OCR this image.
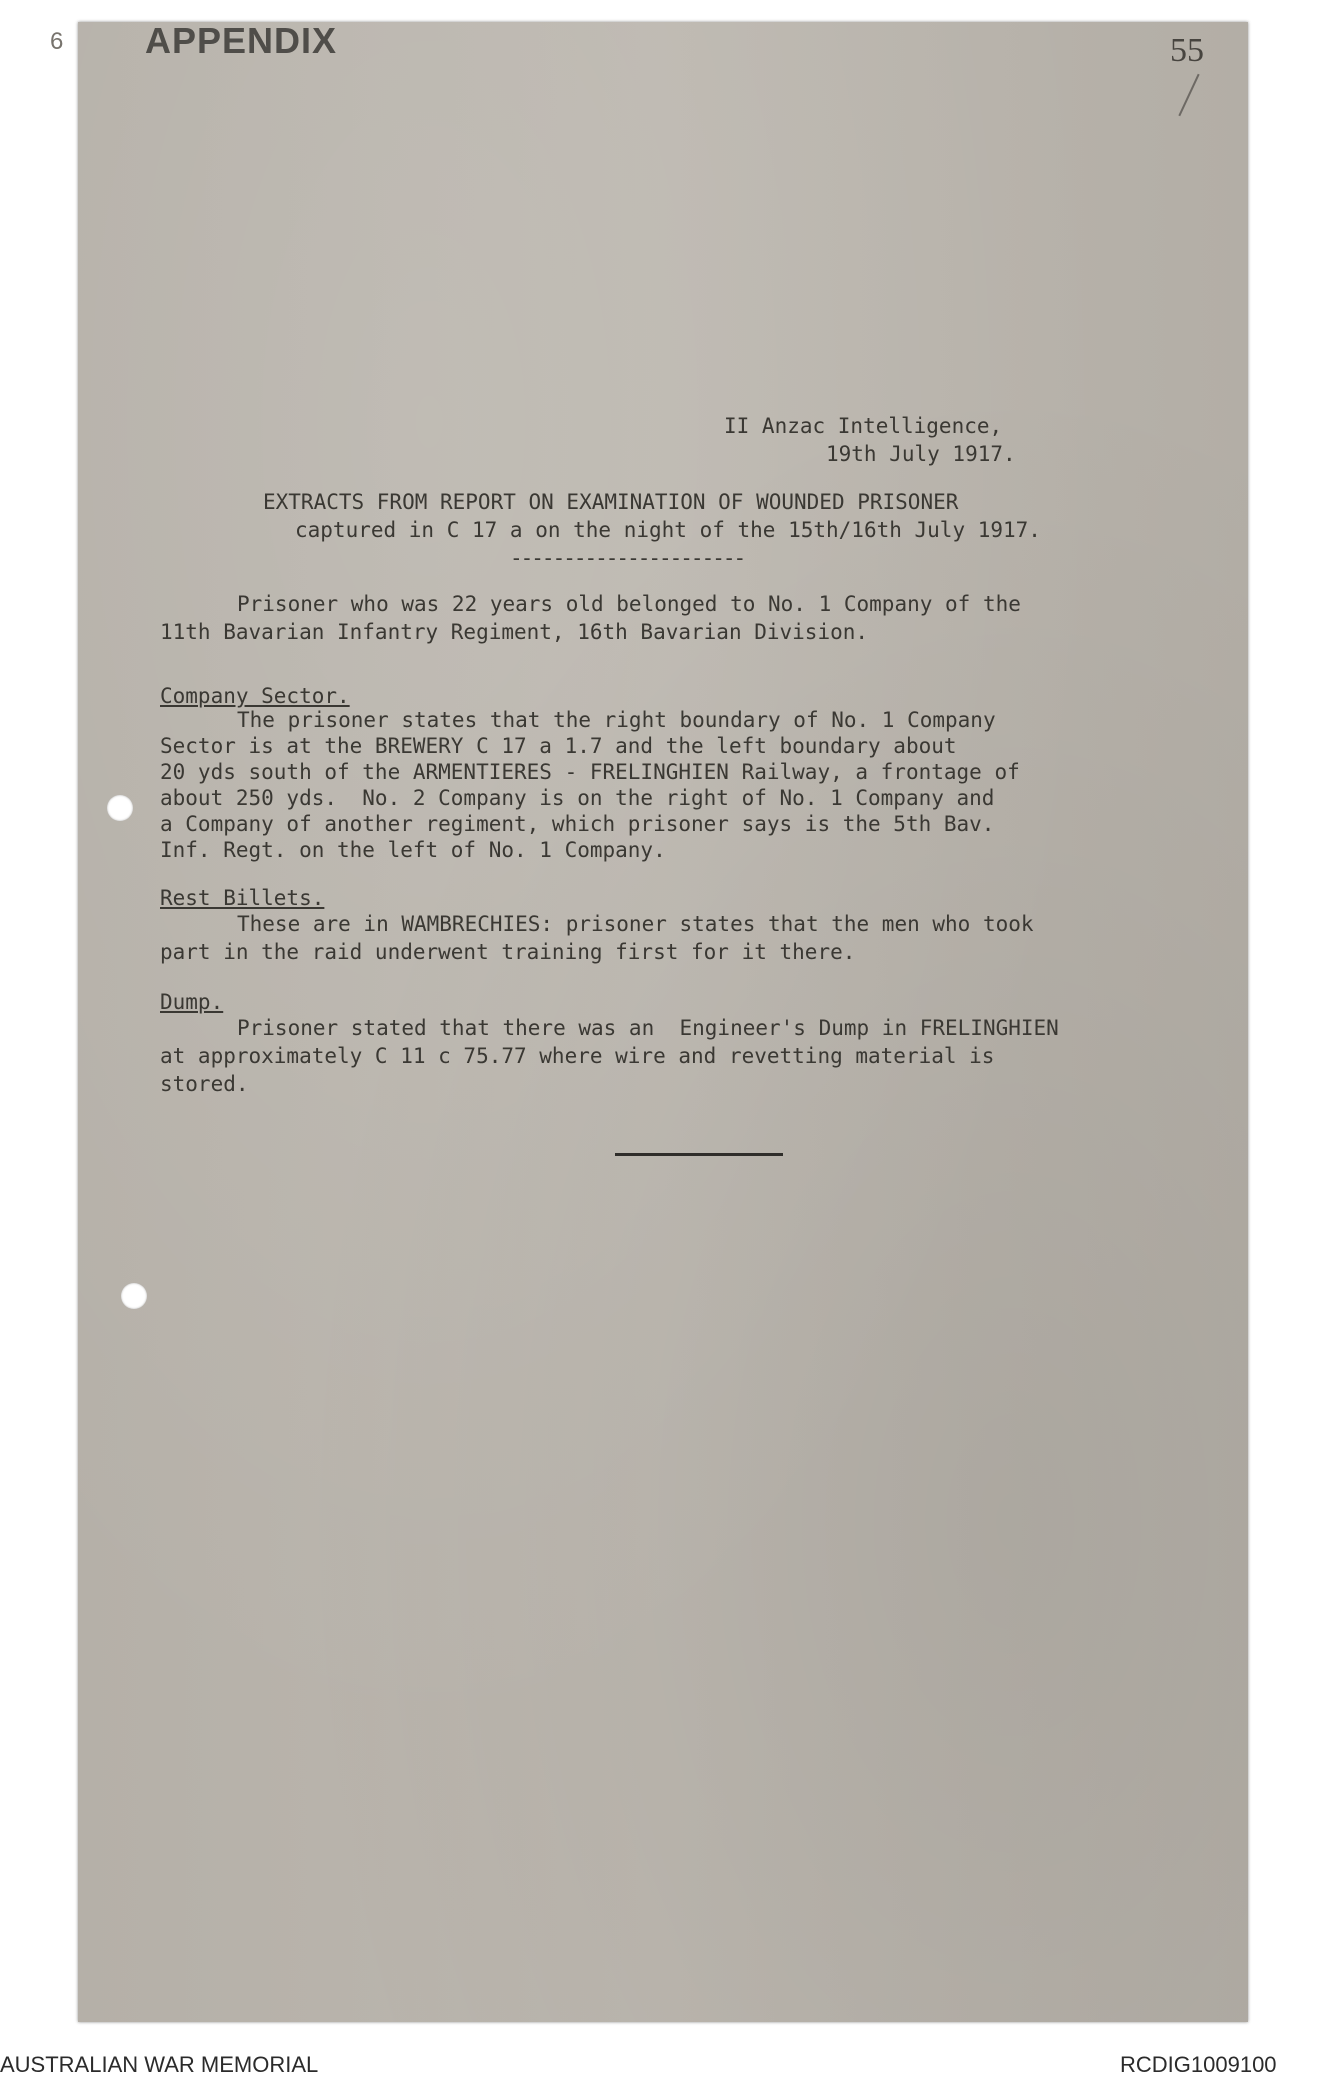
APPENDIX
6	55
II Anzac Intelligence,
19th July 1917.
EXTRACTS FROM REPORT ON EXAMINATION OF WOUNDED PRISONER
captured in C 17 a on the night of the 15th/16th July 1917.
----------------------
Prisoner who was 22 years old belonged to No. 1 Company of the
11th Bavarian Infantry Regiment, 16th Bavarian Division.
Company Sector.
The prisoner states that the right boundary of No. 1 Company
Sector is at the BREWERY C 17 a 1.7 and the left boundary about
20 yds south of the ARMENTIERES - FRELINGHIEN Railway, a frontage of
about 250 yds.  No. 2 Company is on the right of No. 1 Company and
a Company of another regiment, which prisoner says is the 5th Bav.
Inf. Regt. on the left of No. 1 Company.
Rest Billets.
These are in WAMBRECHIES: prisoner states that the men who took
part in the raid underwent training first for it there.
Dump.
Prisoner stated that there was an  Engineer's Dump in FRELINGHIEN
at approximately C 11 c 75.77 where wire and revetting material is
stored.
AUSTRALIAN WAR MEMORIAL	RCDIG1009100
